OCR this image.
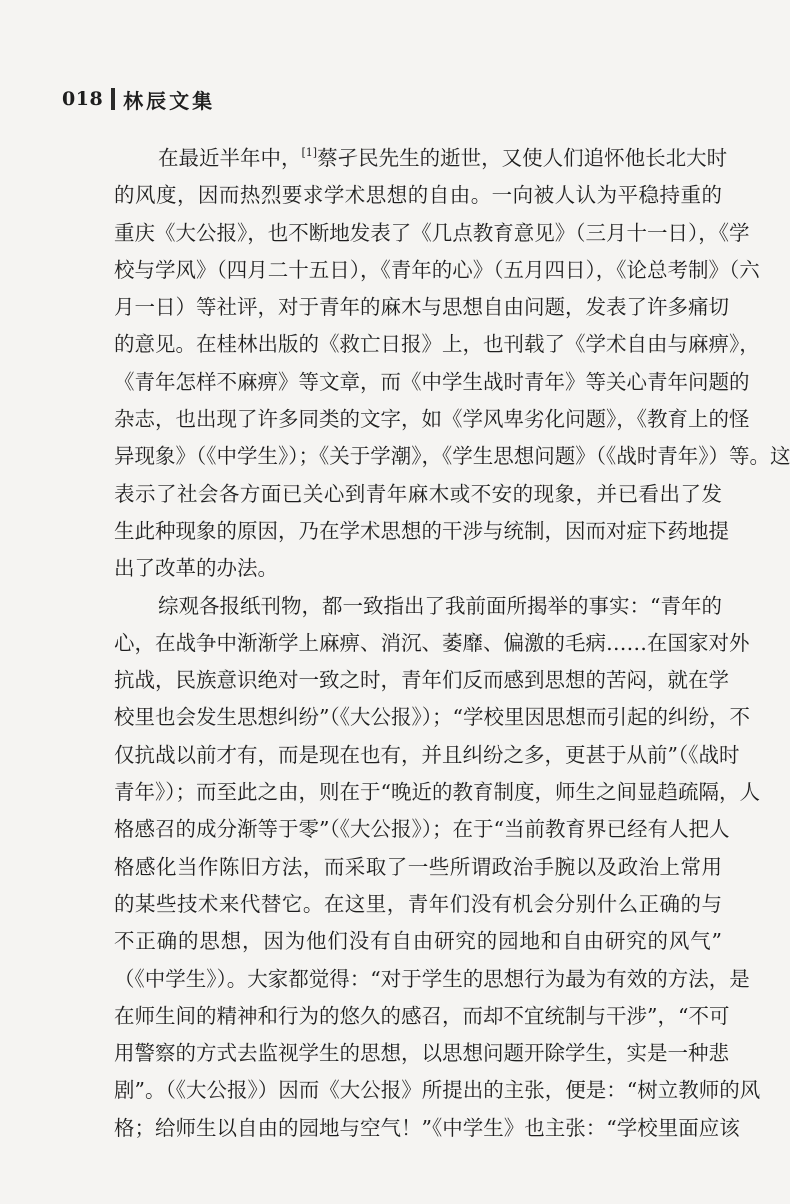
018 林辰文集
在最近半年中，[1]蔡孑民先生的逝世，又使人们追怀他长北大时
的风度，因而热烈要求学术思想的自由。一向被人认为平稳持重的
重庆《大公报》，也不断地发表了《几点教育意见》（三月十一日），《学
校与学风》（四月二十五日），《青年的心》（五月四日），《论总考制》（六
月一日）等社评，对于青年的麻木与思想自由问题，发表了许多痛切
的意见。在桂林出版的《救亡日报》上，也刊载了《学术自由与麻痹》，
《青年怎样不麻痹》等文章，而《中学生战时青年》等关心青年问题的
杂志，也出现了许多同类的文字，如《学风卑劣化问题》，《教育上的怪
异现象》（《中学生》）；《关于学潮》，《学生思想问题》（《战时青年》）等。这
表示了社会各方面已关心到青年麻木或不安的现象，并已看出了发
生此种现象的原因，乃在学术思想的干涉与统制，因而对症下药地提
出了改革的办法。
综观各报纸刊物，都一致指出了我前面所揭举的事实：“青年的
心，在战争中渐渐学上麻痹、消沉、萎靡、偏激的毛病……在国家对外
抗战，民族意识绝对一致之时，青年们反而感到思想的苦闷，就在学
校里也会发生思想纠纷”（《大公报》）；“学校里因思想而引起的纠纷，不
仅抗战以前才有，而是现在也有，并且纠纷之多，更甚于从前”（《战时
青年》）；而至此之由，则在于“晚近的教育制度，师生之间显趋疏隔，人
格感召的成分渐等于零”（《大公报》）；在于“当前教育界已经有人把人
格感化当作陈旧方法，而采取了一些所谓政治手腕以及政治上常用
的某些技术来代替它。在这里，青年们没有机会分别什么正确的与
不正确的思想，因为他们没有自由研究的园地和自由研究的风气”
（《中学生》）。大家都觉得：“对于学生的思想行为最为有效的方法，是
在师生间的精神和行为的悠久的感召，而却不宜统制与干涉”，“不可
用警察的方式去监视学生的思想，以思想问题开除学生，实是一种悲
剧”。（《大公报》）因而《大公报》所提出的主张，便是：“树立教师的风
格；给师生以自由的园地与空气！”《中学生》也主张：“学校里面应该
